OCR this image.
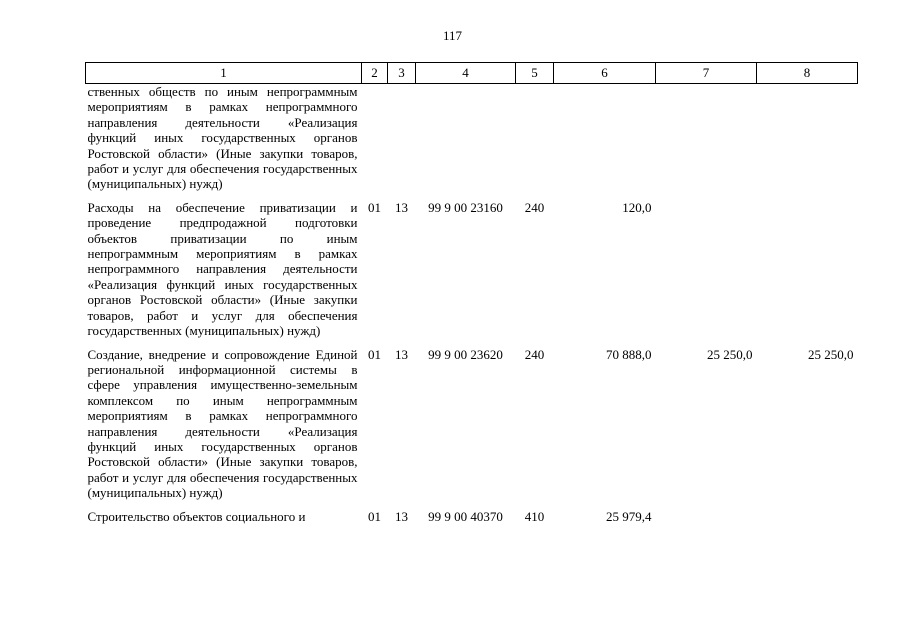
117
1	2	3	4	5	6	7	8
ственных обществ по иным непрограммным мероприятиям в рамках непрограммного направления деятельности «Реализация функций иных государственных органов Ростовской области» (Иные закупки товаров, работ и услуг для обеспечения государственных (муниципальных) нужд)							
Расходы на обеспечение приватизации и проведение предпродажной подготовки объектов приватизации по иным непрограммным мероприятиям в рамках непрограммного направления деятельности «Реализация функций иных государственных органов Ростовской области» (Иные закупки товаров, работ и услуг для обеспечения государственных (муниципальных) нужд)	01	13	99 9 00 23160	240	120,0		
Создание, внедрение и сопровождение Единой региональной информационной системы в сфере управления имущественно-земельным комплексом по иным непрограммным мероприятиям в рамках непрограммного направления деятельности «Реализация функций иных государственных органов Ростовской области» (Иные закупки товаров, работ и услуг для обеспечения государственных (муниципальных) нужд)	01	13	99 9 00 23620	240	70 888,0	25 250,0	25 250,0
Строительство объектов социального и	01	13	99 9 00 40370	410	25 979,4		
